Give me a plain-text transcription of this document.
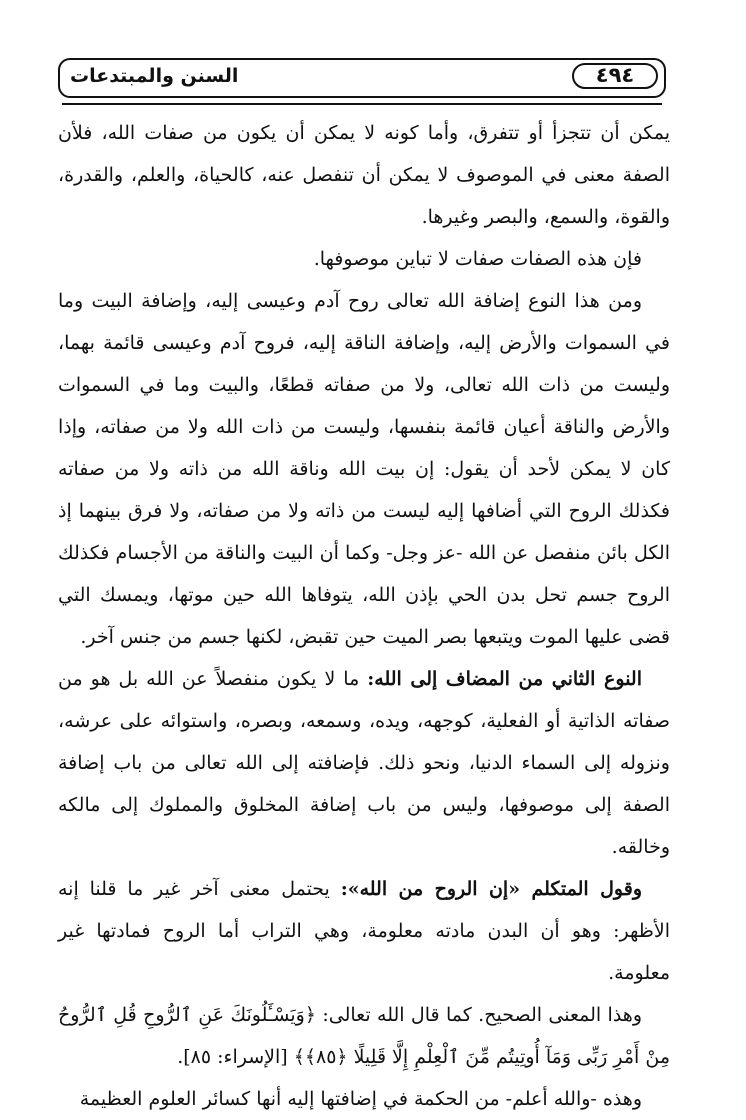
٤٩٤
السنن والمبتدعات

يمكن أن تتجزأ أو تتفرق، وأما كونه لا يمكن أن يكون من صفات الله، فلأن الصفة معنى في الموصوف لا يمكن أن تنفصل عنه، كالحياة، والعلم، والقدرة، والقوة، والسمع، والبصر وغيرها.

فإن هذه الصفات صفات لا تباين موصوفها.

ومن هذا النوع إضافة الله تعالى روح آدم وعيسى إليه، وإضافة البيت وما في السموات والأرض إليه، وإضافة الناقة إليه، فروح آدم وعيسى قائمة بهما، وليست من ذات الله تعالى، ولا من صفاته قطعًا، والبيت وما في السموات والأرض والناقة أعيان قائمة بنفسها، وليست من ذات الله ولا من صفاته، وإذا كان لا يمكن لأحد أن يقول: إن بيت الله وناقة الله من ذاته ولا من صفاته فكذلك الروح التي أضافها إليه ليست من ذاته ولا من صفاته، ولا فرق بينهما إذ الكل بائن منفصل عن الله -عز وجل- وكما أن البيت والناقة من الأجسام فكذلك الروح جسم تحل بدن الحي بإذن الله، يتوفاها الله حين موتها، ويمسك التي قضى عليها الموت ويتبعها بصر الميت حين تقبض، لكنها جسم من جنس آخر.

النوع الثاني من المضاف إلى الله: ما لا يكون منفصلاً عن الله بل هو من صفاته الذاتية أو الفعلية، كوجهه، ويده، وسمعه، وبصره، واستوائه على عرشه، ونزوله إلى السماء الدنيا، ونحو ذلك. فإضافته إلى الله تعالى من باب إضافة الصفة إلى موصوفها، وليس من باب إضافة المخلوق والمملوك إلى مالكه وخالقه.

وقول المتكلم «إن الروح من الله»: يحتمل معنى آخر غير ما قلنا إنه الأظهر: وهو أن البدن مادته معلومة، وهي التراب أما الروح فمادتها غير معلومة.

وهذا المعنى الصحيح. كما قال الله تعالى: ﴿وَيَسْـَٔلُونَكَ عَنِ ٱلرُّوحِ قُلِ ٱلرُّوحُ مِنْ أَمْرِ رَبِّى وَمَآ أُوتِيتُم مِّنَ ٱلْعِلْمِ إِلَّا قَلِيلًا ﴿٨٥﴾﴾ [الإسراء: ٨٥].

وهذه -والله أعلم- من الحكمة في إضافتها إليه أنها كسائر العلوم العظيمة
